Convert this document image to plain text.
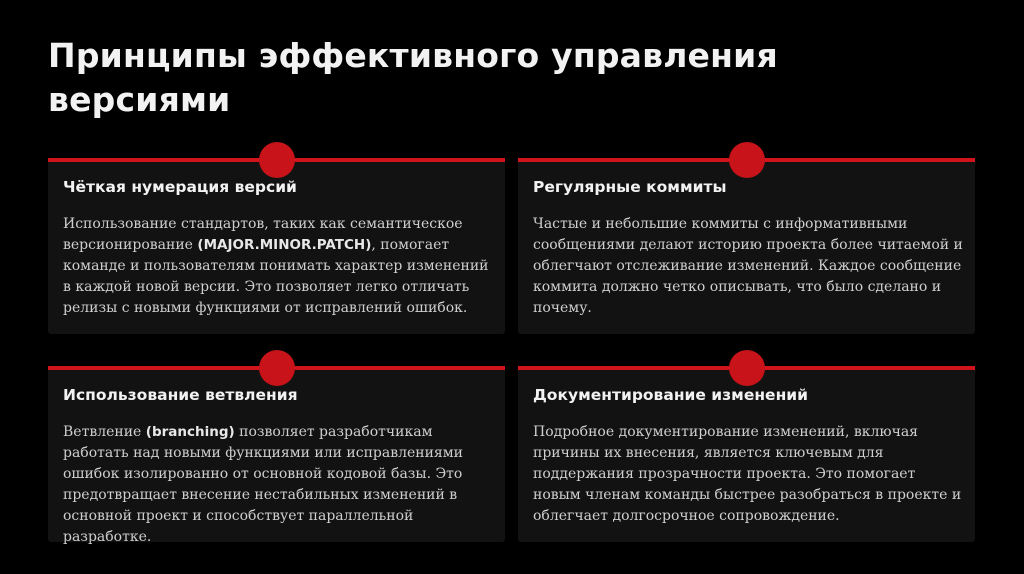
Принципы эффективного управления
версиями
Чёткая нумерация версий
Использование стандартов, таких как семантическое версионирование (MAJOR.MINOR.PATCH), помогает команде и пользователям понимать характер изменений в каждой новой версии. Это позволяет легко отличать релизы с новыми функциями от исправлений ошибок.
Регулярные коммиты
Частые и небольшие коммиты с информативными сообщениями делают историю проекта более читаемой и облегчают отслеживание изменений. Каждое сообщение коммита должно четко описывать, что было сделано и почему.
Использование ветвления
Ветвление (branching) позволяет разработчикам работать над новыми функциями или исправлениями ошибок изолированно от основной кодовой базы. Это предотвращает внесение нестабильных изменений в основной проект и способствует параллельной разработке.
Документирование изменений
Подробное документирование изменений, включая причины их внесения, является ключевым для поддержания прозрачности проекта. Это помогает новым членам команды быстрее разобраться в проекте и облегчает долгосрочное сопровождение.
